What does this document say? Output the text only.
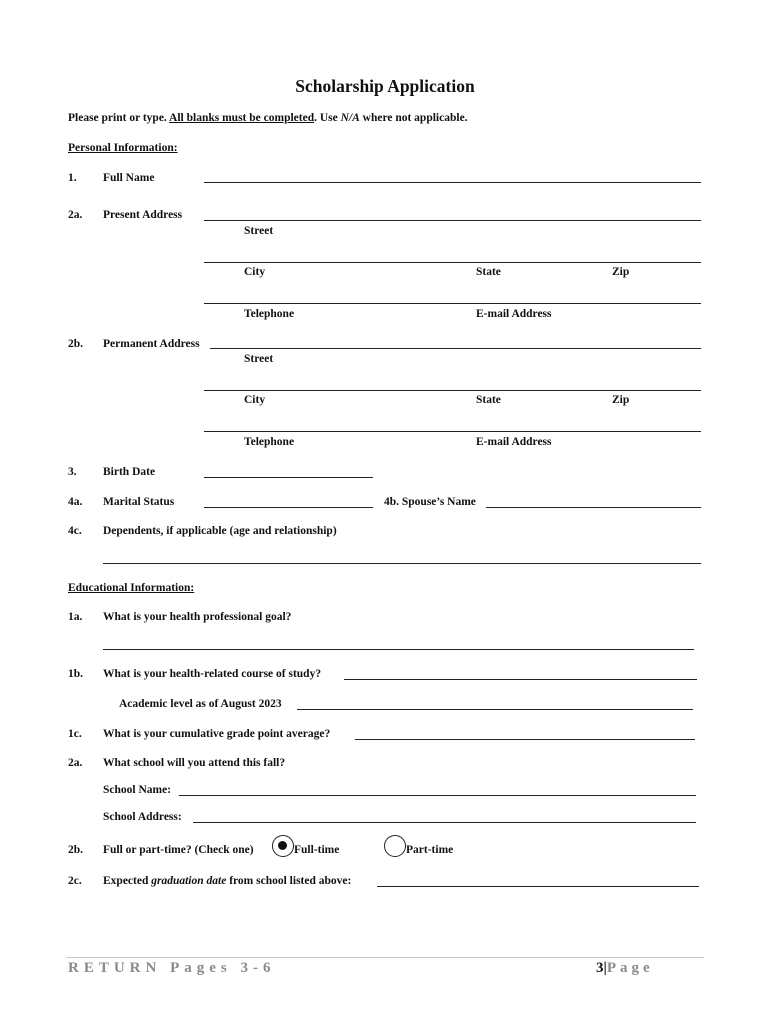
Scholarship Application
Please print or type. All blanks must be completed. Use N/A where not applicable.
Personal Information:
1. Full Name
2a. Present Address
Street
City	State	Zip
Telephone	E-mail Address
2b. Permanent Address
Street
City	State	Zip
Telephone	E-mail Address
3. Birth Date
4a. Marital Status	4b. Spouse’s Name
4c. Dependents, if applicable (age and relationship)
Educational Information:
1a. What is your health professional goal?
1b. What is your health-related course of study?
Academic level as of August 2023
1c. What is your cumulative grade point average?
2a. What school will you attend this fall?
School Name:
School Address:
2b. Full or part-time? (Check one)	Full-time	Part-time
2c. Expected graduation date from school listed above:
RETURN Pages 3-6	3|Page
